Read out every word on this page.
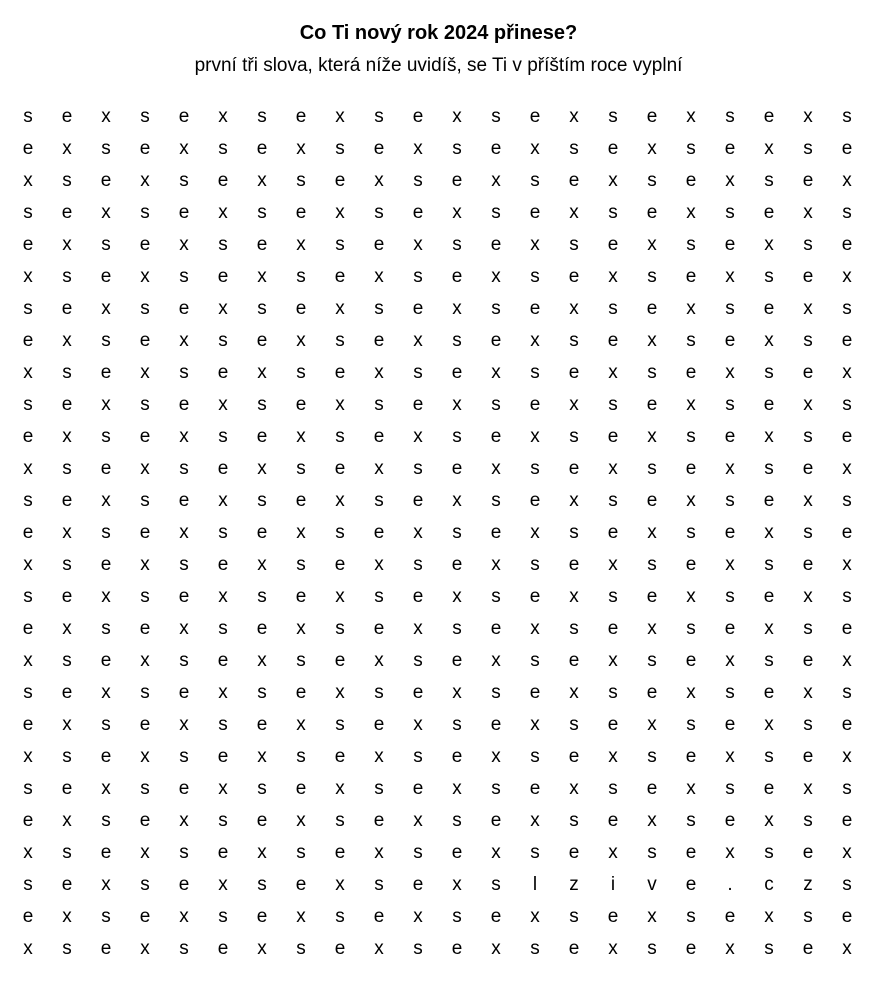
Co Ti nový rok 2024 přinese?
první tři slova, která níže uvidíš, se Ti v příštím roce vyplní
s	e	x	s	e	x	s	e	x	s	e	x	s	e	x	s	e	x	s	e	x	s
e	x	s	e	x	s	e	x	s	e	x	s	e	x	s	e	x	s	e	x	s	e
x	s	e	x	s	e	x	s	e	x	s	e	x	s	e	x	s	e	x	s	e	x
s	e	x	s	e	x	s	e	x	s	e	x	s	e	x	s	e	x	s	e	x	s
e	x	s	e	x	s	e	x	s	e	x	s	e	x	s	e	x	s	e	x	s	e
x	s	e	x	s	e	x	s	e	x	s	e	x	s	e	x	s	e	x	s	e	x
s	e	x	s	e	x	s	e	x	s	e	x	s	e	x	s	e	x	s	e	x	s
e	x	s	e	x	s	e	x	s	e	x	s	e	x	s	e	x	s	e	x	s	e
x	s	e	x	s	e	x	s	e	x	s	e	x	s	e	x	s	e	x	s	e	x
s	e	x	s	e	x	s	e	x	s	e	x	s	e	x	s	e	x	s	e	x	s
e	x	s	e	x	s	e	x	s	e	x	s	e	x	s	e	x	s	e	x	s	e
x	s	e	x	s	e	x	s	e	x	s	e	x	s	e	x	s	e	x	s	e	x
s	e	x	s	e	x	s	e	x	s	e	x	s	e	x	s	e	x	s	e	x	s
e	x	s	e	x	s	e	x	s	e	x	s	e	x	s	e	x	s	e	x	s	e
x	s	e	x	s	e	x	s	e	x	s	e	x	s	e	x	s	e	x	s	e	x
s	e	x	s	e	x	s	e	x	s	e	x	s	e	x	s	e	x	s	e	x	s
e	x	s	e	x	s	e	x	s	e	x	s	e	x	s	e	x	s	e	x	s	e
x	s	e	x	s	e	x	s	e	x	s	e	x	s	e	x	s	e	x	s	e	x
s	e	x	s	e	x	s	e	x	s	e	x	s	e	x	s	e	x	s	e	x	s
e	x	s	e	x	s	e	x	s	e	x	s	e	x	s	e	x	s	e	x	s	e
x	s	e	x	s	e	x	s	e	x	s	e	x	s	e	x	s	e	x	s	e	x
s	e	x	s	e	x	s	e	x	s	e	x	s	e	x	s	e	x	s	e	x	s
e	x	s	e	x	s	e	x	s	e	x	s	e	x	s	e	x	s	e	x	s	e
x	s	e	x	s	e	x	s	e	x	s	e	x	s	e	x	s	e	x	s	e	x
s	e	x	s	e	x	s	e	x	s	e	x	s	l	z	i	v	e	.	c	z	s
e	x	s	e	x	s	e	x	s	e	x	s	e	x	s	e	x	s	e	x	s	e
x	s	e	x	s	e	x	s	e	x	s	e	x	s	e	x	s	e	x	s	e	x
